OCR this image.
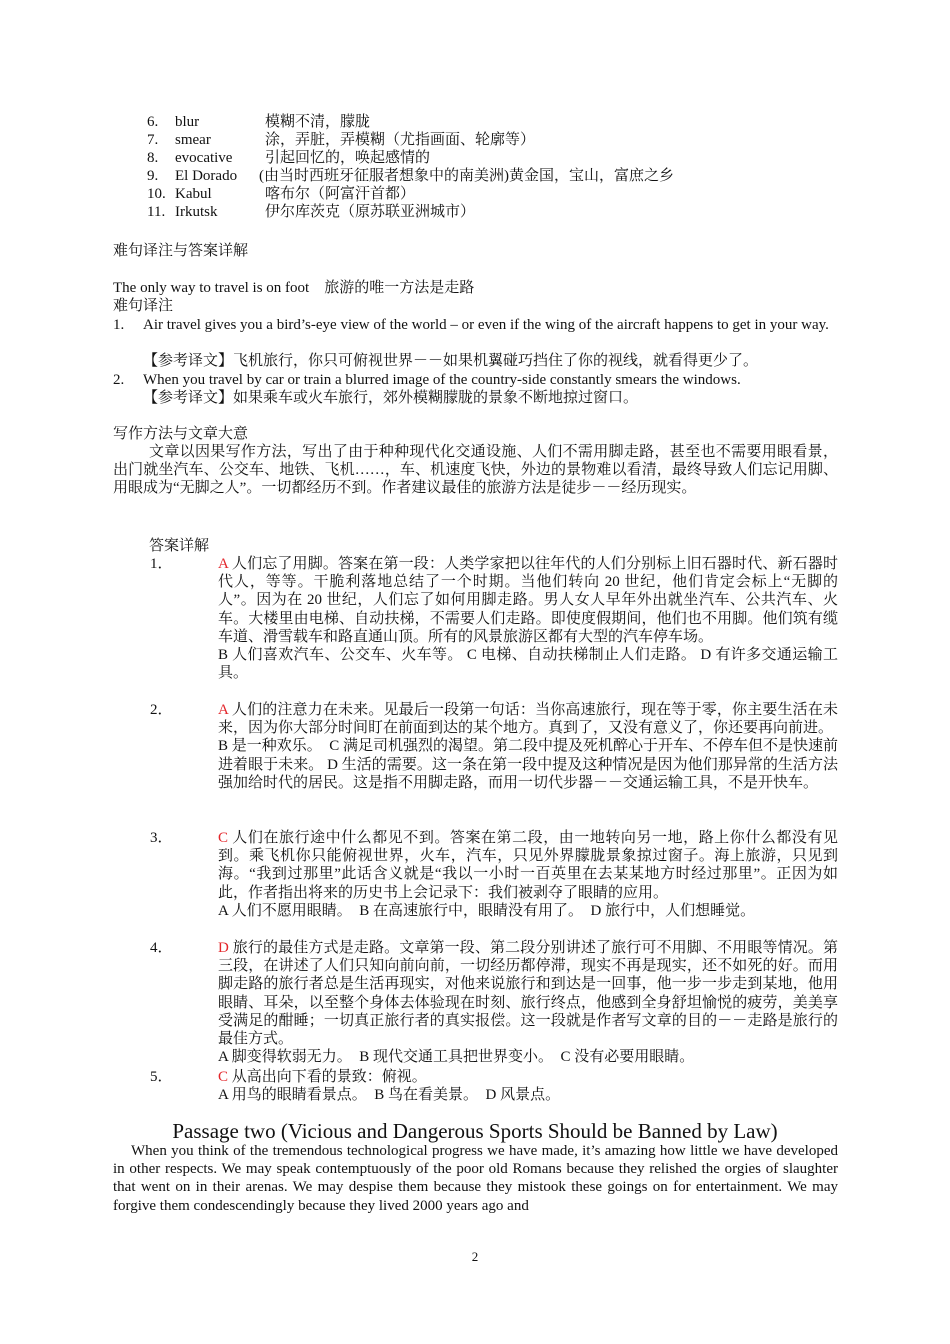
6.	blur	模糊不清，朦胧
7.	smear	涂，弄脏，弄模糊（尤指画面、轮廓等）
8.	evocative 引起回忆的，唤起感情的
9.	El Dorado (由当时西班牙征服者想象中的南美洲)黄金国，宝山，富庶之乡
10. Kabul	喀布尔（阿富汗首都）
11. Irkutsk	伊尔库茨克（原苏联亚洲城市）
难句译注与答案详解
The only way to travel is on foot　旅游的唯一方法是走路
难句译注
1. Air travel gives you a bird’s-eye view of the world – or even if the wing of the aircraft happens to get in your way.
【参考译文】飞机旅行，你只可俯视世界－－如果机翼碰巧挡住了你的视线，就看得更少了。
2. When you travel by car or train a blurred image of the country-side constantly smears the windows.
【参考译文】如果乘车或火车旅行，郊外模糊朦胧的景象不断地掠过窗口。
写作方法与文章大意
文章以因果写作方法，写出了由于种种现代化交通设施、人们不需用脚走路，甚至也不需要用眼看景，出门就坐汽车、公交车、地铁、飞机……，车、机速度飞快，外边的景物难以看清，最终导致人们忘记用脚、用眼成为“无脚之人”。一切都经历不到。作者建议最佳的旅游方法是徒步－－经历现实。
答案详解
1．	A 人们忘了用脚。答案在第一段：人类学家把以往年代的人们分别标上旧石器时代、新石器时代人，等等。干脆利落地总结了一个时期。当他们转向 20 世纪，他们肯定会标上“无脚的人”。因为在 20 世纪，人们忘了如何用脚走路。男人女人早年外出就坐汽车、公共汽车、火车。大楼里由电梯、自动扶梯，不需要人们走路。即使度假期间，他们也不用脚。他们筑有缆车道、滑雪载车和路直通山顶。所有的风景旅游区都有大型的汽车停车场。

B 人们喜欢汽车、公交车、火车等。 C 电梯、自动扶梯制止人们走路。 D 有许多交通运输工具。

2．	A 人们的注意力在未来。见最后一段第一句话：当你高速旅行，现在等于零，你主要生活在未来，因为你大部分时间盯在前面到达的某个地方。真到了，又没有意义了，你还要再向前进。

B 是一种欢乐。　C 满足司机强烈的渴望。第二段中提及死机醉心于开车、不停车但不是快速前进着眼于未来。 D 生活的需要。这一条在第一段中提及这种情况是因为他们那异常的生活方法强加给时代的居民。这是指不用脚走路，而用一切代步器－－交通运输工具，不是开快车。

3．	C 人们在旅行途中什么都见不到。答案在第二段，由一地转向另一地，路上你什么都没有见到。乘飞机你只能俯视世界，火车，汽车，只见外界朦胧景象掠过窗子。海上旅游，只见到海。“我到过那里”此话含义就是“我以一小时一百英里在去某某地方时经过那里”。正因为如此，作者指出将来的历史书上会记录下：我们被剥夺了眼睛的应用。

A 人们不愿用眼睛。　B 在高速旅行中，眼睛没有用了。　D 旅行中，人们想睡觉。

4．	D 旅行的最佳方式是走路。文章第一段、第二段分别讲述了旅行可不用脚、不用眼等情况。第三段，在讲述了人们只知向前向前，一切经历都停滞，现实不再是现实，还不如死的好。而用脚走路的旅行者总是生活再现实，对他来说旅行和到达是一回事，他一步一步走到某地，他用眼睛、耳朵，以至整个身体去体验现在时刻、旅行终点，他感到全身舒坦愉悦的疲劳，美美享受满足的酣睡；一切真正旅行者的真实报偿。这一段就是作者写文章的目的－－走路是旅行的最佳方式。

A 脚变得软弱无力。　B 现代交通工具把世界变小。　C 没有必要用眼睛。

5．	C 从高出向下看的景致：俯视。

A 用鸟的眼睛看景点。　B 鸟在看美景。　D 风景点。

Passage two (Vicious and Dangerous Sports Should be Banned by Law)
When you think of the tremendous technological progress we have made, it’s amazing how little we have developed in other respects. We may speak contemptuously of the poor old Romans because they relished the orgies of slaughter that went on in their arenas. We may despise them because they mistook these goings on for entertainment. We may forgive them condescendingly because they lived 2000 years ago and
2
